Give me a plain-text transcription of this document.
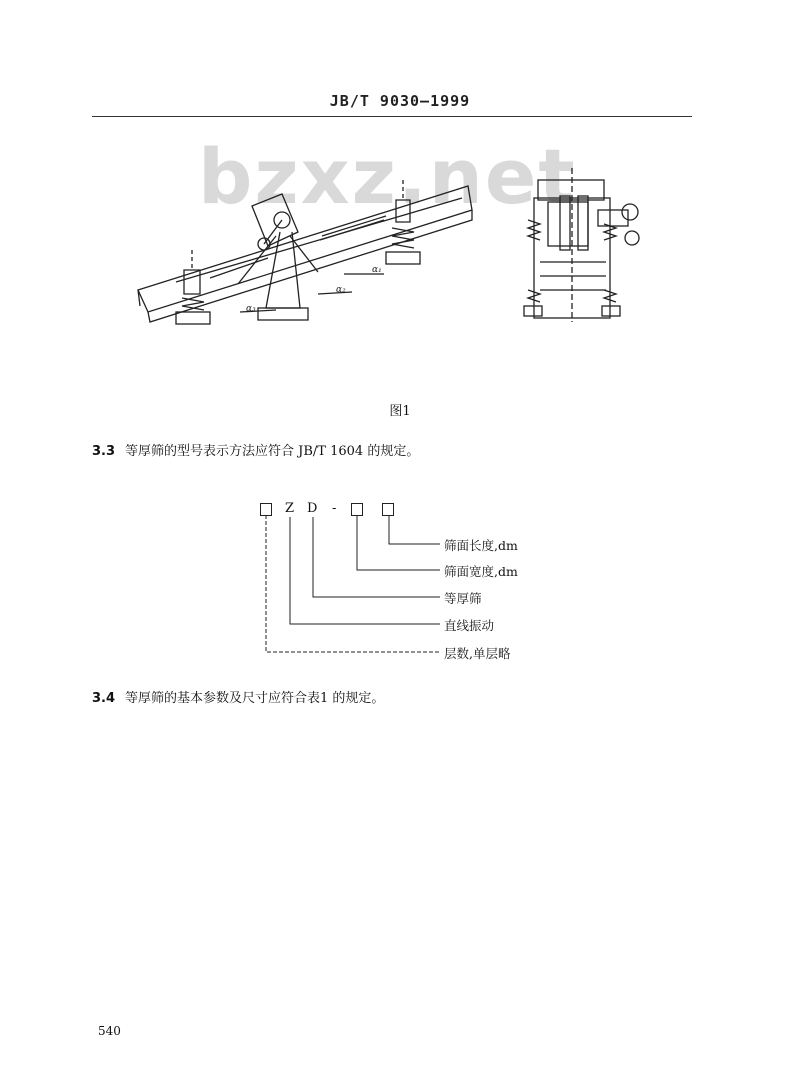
JB/T 9030—1999
bzxz.net
α₁
α₂
α₃
图1
3.3 等厚筛的型号表示方法应符合 JB/T 1604 的规定。
Z D -
筛面长度,dm
筛面宽度,dm
等厚筛
直线振动
层数,单层略
3.4 等厚筛的基本参数及尺寸应符合表1 的规定。
540
